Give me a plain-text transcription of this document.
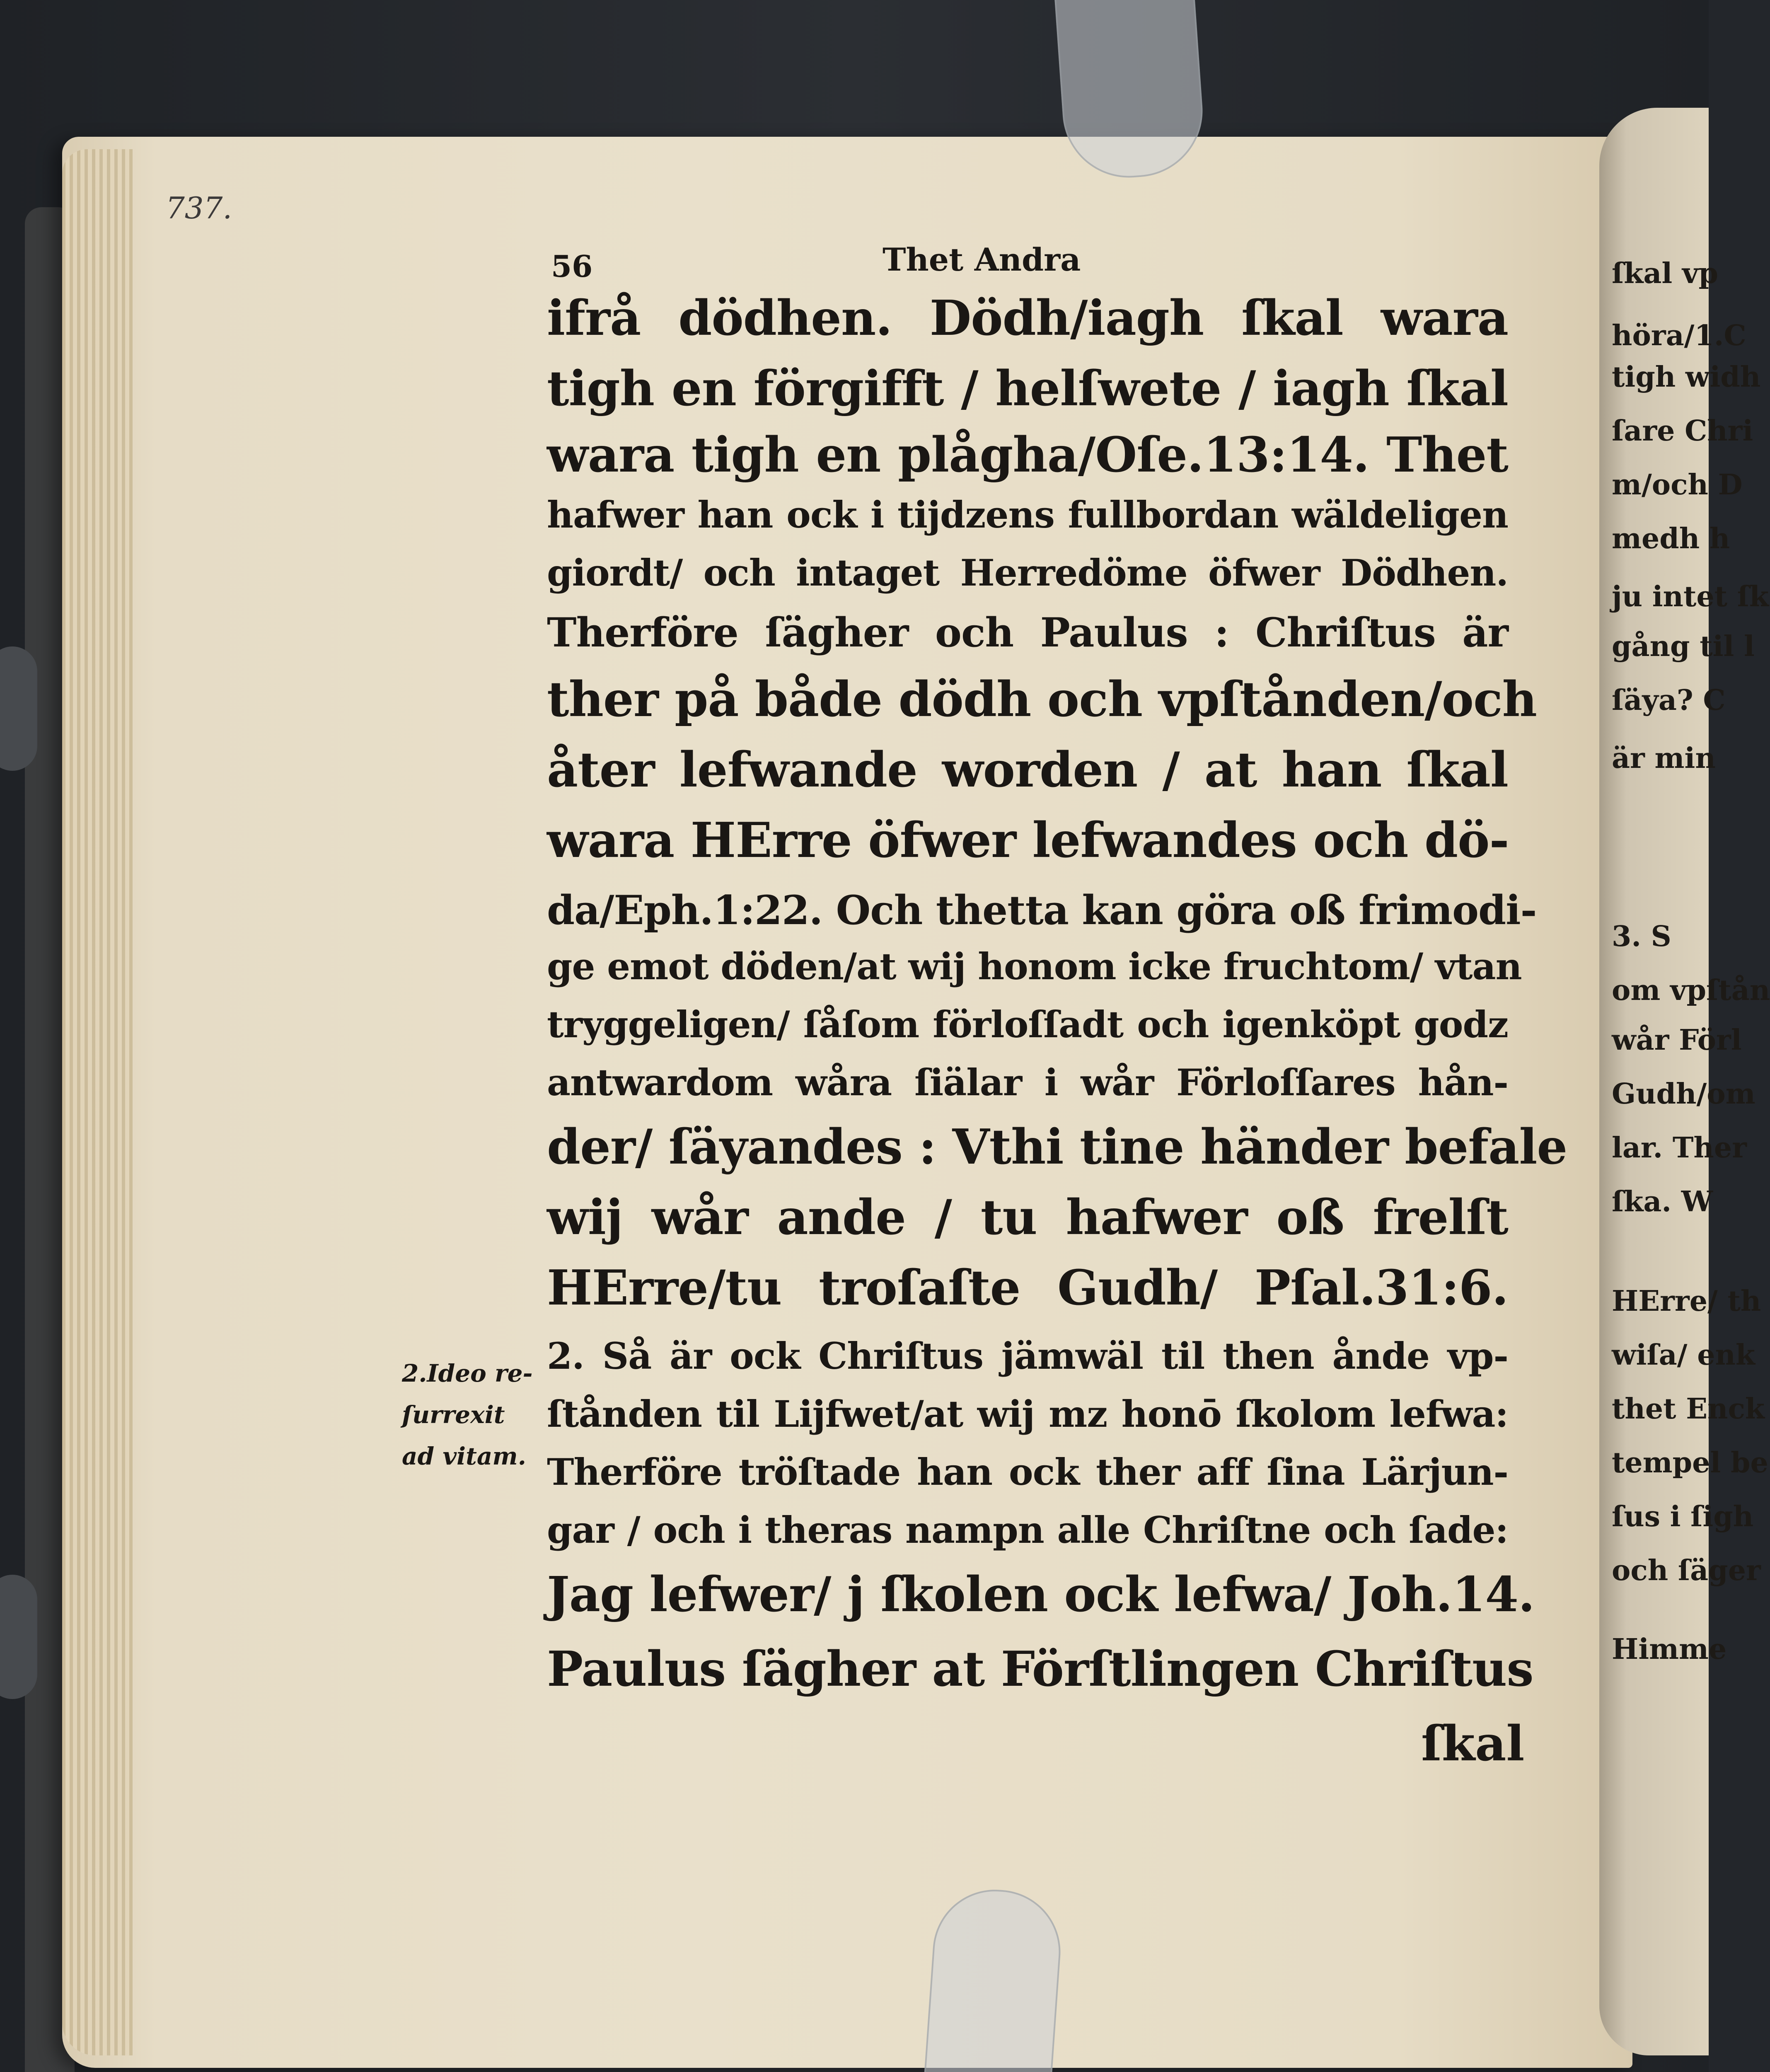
ſkal vp
höra/1.C
tigh widh
ſare Chri
m/och D
medh h
ju intet ſk
gång til l
ſäya? C
är min
3. S
om vpſtån
wår Förl
Gudh/om
lar. Ther
ſka. W
HErre/ th
wiſa/ enk
thet Enck
tempel be
ſus i ſigh
och ſäger
Himme
737.
56	Thet Andra
ifrå dödhen. Dödh/iagh ſkal wara
tigh en förgifft / helſwete / iagh ſkal
wara tigh en plågha/Oſe.13:14. Thet
hafwer han ock i tijdzens fullbordan wäldeligen
giordt/ och intaget Herredöme öfwer Dödhen.
Therföre ſägher och Paulus : Chriſtus är
ther på både dödh och vpſtånden/och
åter lefwande worden / at han ſkal
wara HErre öfwer lefwandes och dö-
da/Eph.1:22. Och thetta kan göra oß frimodi-
ge emot döden/at wij honom icke fruchtom/ vtan
tryggeligen/ ſåſom förloſſadt och igenköpt godz
antwardom wåra ſiälar i wår Förloſſares hån-
der/ ſäyandes : Vthi tine händer befale
wij wår ande / tu hafwer oß frelſt
HErre/tu troſaſte Gudh/ Pſal.31:6.
2. Så är ock Chriſtus jämwäl til then ånde vp-
ſtånden til Lijfwet/at wij mz honō ſkolom lefwa:
Therföre tröſtade han ock ther aff ſina Lärjun-
gar / och i theras nampn alle Chriſtne och ſade:
Jag lefwer/ j ſkolen ock lefwa/ Joh.14.
Paulus ſägher at Förſtlingen Chriſtus
ſkal
2.Ideo re-
ſurrexit
ad vitam.
